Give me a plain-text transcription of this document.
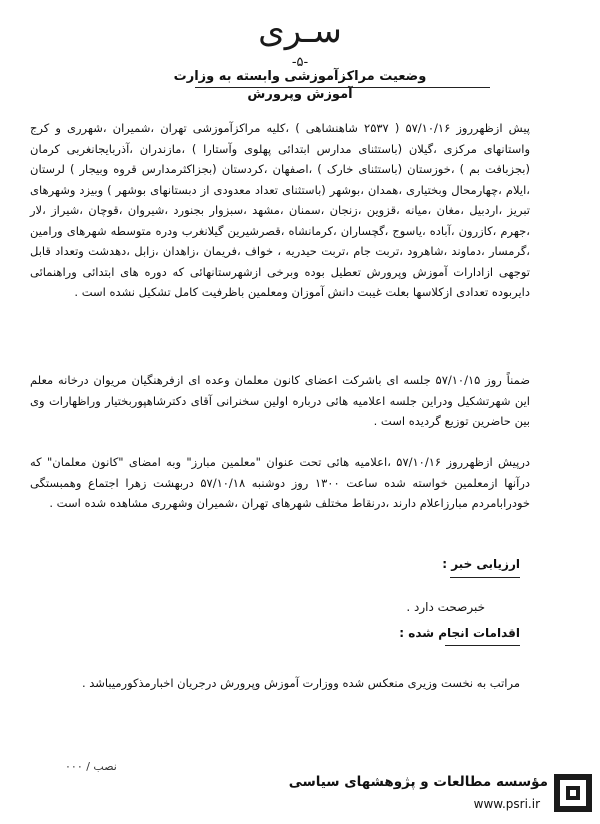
سـری
-۵-
وضعیت مراکزآموزشی وابسته به وزارت آموزش وپرورش
پیش ازظهرروز ۵۷/۱۰/۱۶ ( ۲۵۳۷ شاهنشاهی ) ،کلیه مراکزآموزشی تهران ،شمیران ،شهرری و کرج واستانهای مرکزی ،گیلان (باستثنای مدارس ابتدائی پهلوی وآستارا ) ،مازندران ،آذربایجانغربی کرمان (بجزبافت بم ) ،خوزستان (باستثنای خارک ) ،اصفهان ،کردستان (بجزاکثرمدارس قروه وبیجار ) لرستان ،ایلام ،چهارمحال وبختیاری ،همدان ،بوشهر (باستثنای تعداد معدودی از دبستانهای بوشهر ) وبیزد وشهرهای تبریز ،اردبیل ،مغان ،میانه ،قزوین ،زنجان ،سمنان ،مشهد ،سبزوار بجنورد ،شیروان ،قوچان ،شیراز ،لار ،جهرم ،کازرون ،آباده ،یاسوج ،گچساران ،کرمانشاه ،قصرشیرین گیلانغرب ودره متوسطه شهرهای ورامین ،گرمسار ،دماوند ،شاهرود ،تربت جام ،تربت حیدریه ، خواف ،فریمان ،زاهدان ،زابل ،دهدشت وتعداد قابل توجهی ازادارات آموزش وپرورش تعطیل بوده وبرخی ازشهرستانهائی که دوره های ابتدائی وراهنمائی دایربوده تعدادی ازکلاسها بعلت غیبت دانش آموزان ومعلمین باظرفیت کامل تشکیل نشده است .
ضمناً روز ۵۷/۱۰/۱۵ جلسه ای باشرکت اعضای کانون معلمان وعده ای ازفرهنگیان مریوان درخانه معلم این شهرتشکیل ودراین جلسه اعلامیه هائی درباره اولین سخنرانی آقای دکترشاهپوربختیار وراظهارات وی بین حاضرین توزیع گردیده است .
درپیش ازظهرروز ۵۷/۱۰/۱۶ ،اعلامیه هائی تحت عنوان "معلمین مبارز" وبه امضای "کانون معلمان" که درآنها ازمعلمین خواسته شده ساعت ۱۳۰۰ روز دوشنبه ۵۷/۱۰/۱۸ دربهشت زهرا اجتماع وهمبستگی خودرابامردم مبارزاعلام دارند ،درنقاط مختلف شهرهای تهران ،شمیران وشهرری مشاهده شده است .
ارزیابی خبر :
خبرصحت دارد .
اقدامات انجام شده :
مراتب به نخست وزیری منعکس شده ووزارت آموزش وپرورش درجریان اخبارمذکورمیباشد .
نصب / ۰۰۰
مؤسسه مطالعات و پژوهشهای سیاسی
www.psri.ir
